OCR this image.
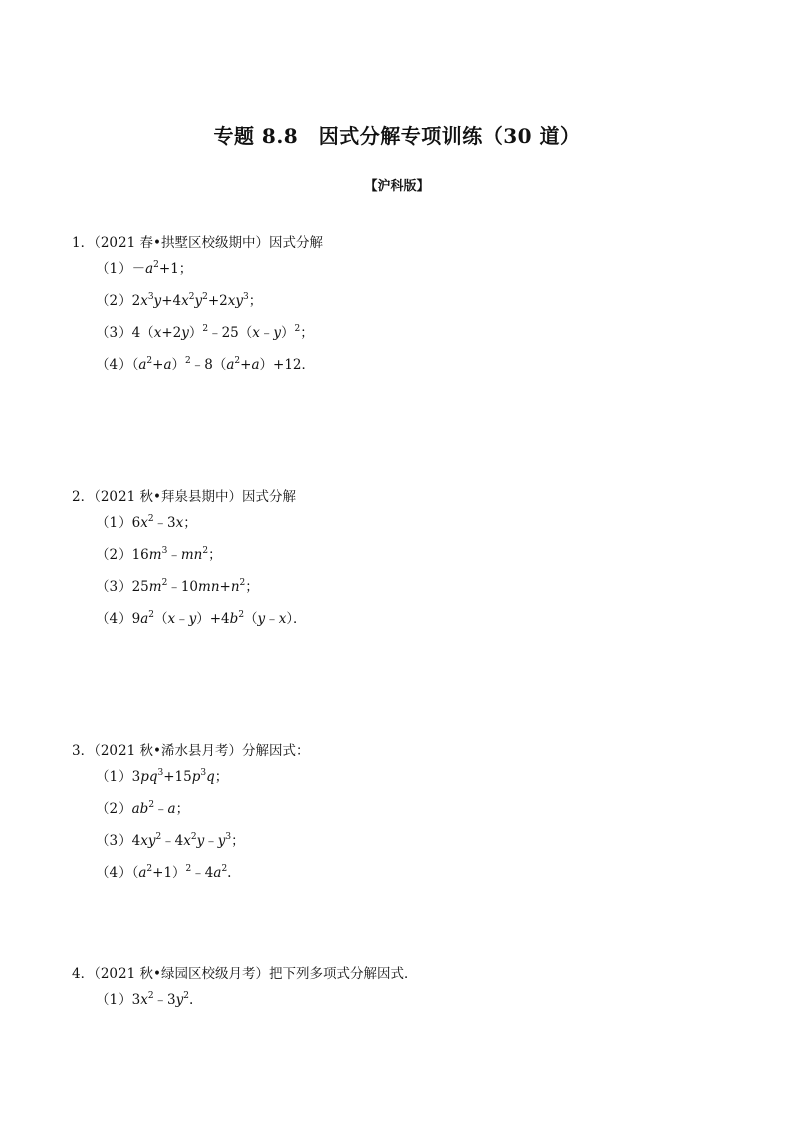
专题 8.8　因式分解专项训练（30 道）
【沪科版】
1．（2021 春•拱墅区校级期中）因式分解
$(1)-a^2+1$；
$(2)2x^3y+4x^2y^2+2xy^3$；
$(3)4(x+2y)^2﹣25(x﹣y)^2$；
$(4)(a^2+a)^2﹣8(a^2+a)+12$．
2．（2021 秋•拜泉县期中）因式分解
$(1)6x^2﹣3x$；
$(2)16m^3﹣mn^2$；
$(3)25m^2﹣10mn+n^2$；
$(4)9a^2(x﹣y)+4b^2(y﹣x)$．
3．（2021 秋•浠水县月考）分解因式：
$(1)3pq^3+15p^3q$；
$(2)ab^2﹣a$；
$(3)4xy^2﹣4x^2y﹣y^3$；
$(4)(a^2+1)^2﹣4a^2$.
4．（2021 秋•绿园区校级月考）把下列多项式分解因式．
$(1)3x^2﹣3y^2$.
